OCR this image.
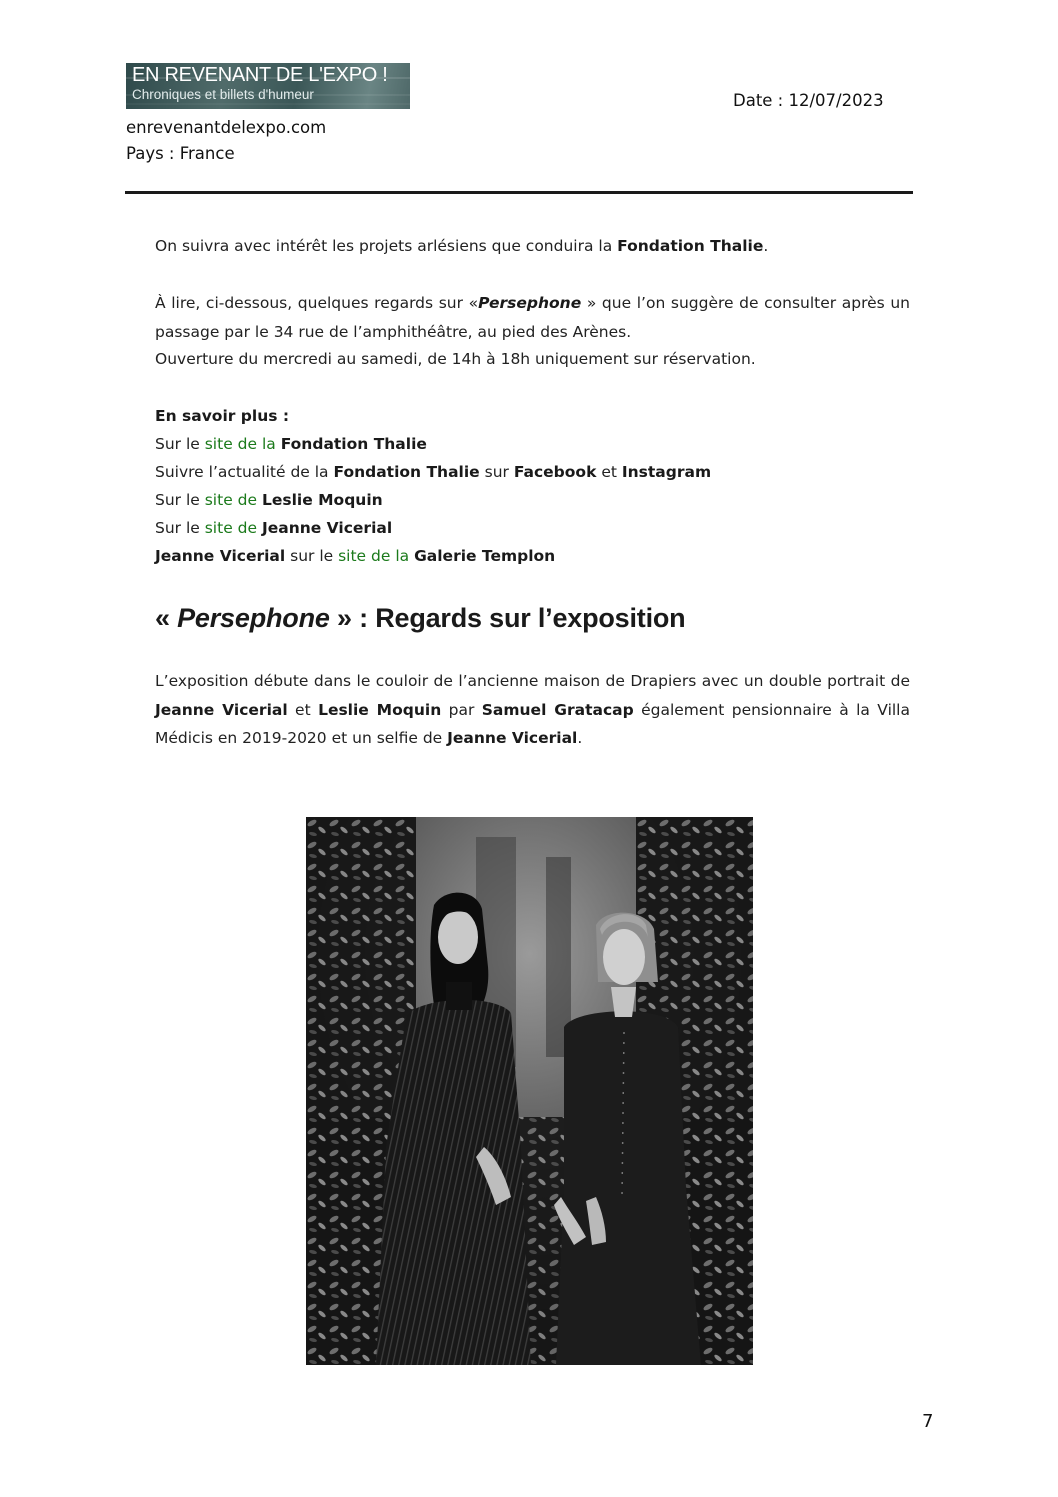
EN REVENANT DE L'EXPO !
Chroniques et billets d'humeur
enrevenantdelexpo.com
Pays : France
Date : 12/07/2023

On suivra avec intérêt les projets arlésiens que conduira la Fondation Thalie.

À lire, ci-dessous, quelques regards sur «Persephone » que l’on suggère de consulter après un passage par le 34 rue de l’amphithéâtre, au pied des Arènes.

Ouverture du mercredi au samedi, de 14h à 18h uniquement sur réservation.
En savoir plus :
Sur le site de la Fondation Thalie
Suivre l’actualité de la Fondation Thalie sur Facebook et Instagram
Sur le site de Leslie Moquin
Sur le site de Jeanne Vicerial
Jeanne Vicerial sur le site de la Galerie Templon
« Persephone » : Regards sur l’exposition

L’exposition débute dans le couloir de l’ancienne maison de Drapiers avec un double portrait de Jeanne Vicerial et Leslie Moquin par Samuel Gratacap également pensionnaire à la Villa Médicis en 2019-2020 et un selfie de Jeanne Vicerial.

7
